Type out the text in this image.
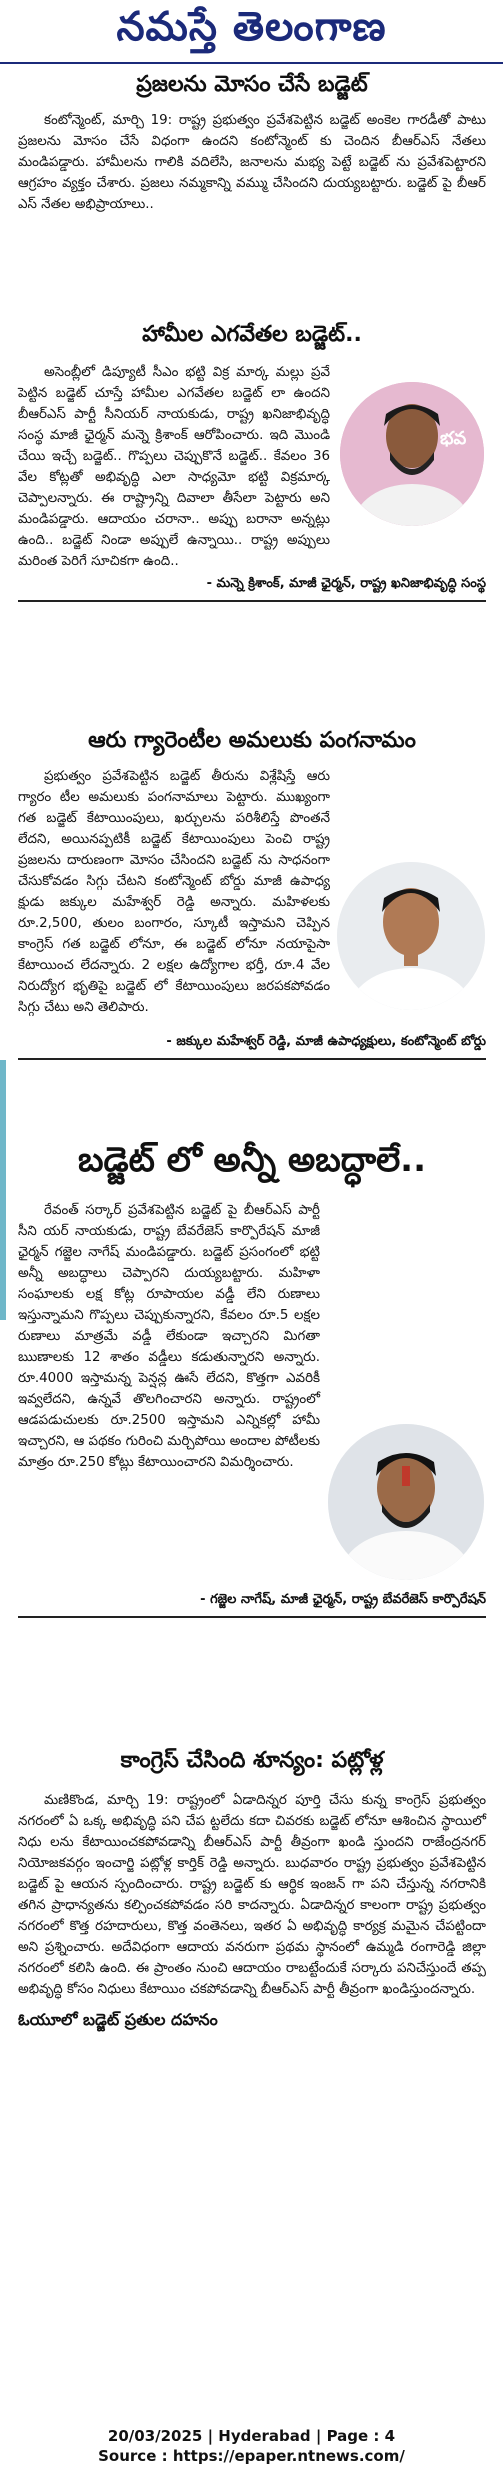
నమస్తే తెలంగాణ
ప్రజలను మోసం చేసే బడ్జెట్

కంటోన్మెంట్, మార్చి 19: రాష్ట్ర ప్రభుత్వం ప్రవేశపెట్టిన బడ్జెట్ అంకెల గారడీతో పాటు ప్రజలను మోసం చేసే విధంగా ఉందని కంటోన్మెంట్ కు చెందిన బీఆర్ఎస్ నేతలు మండిపడ్డారు. హామీలను గాలికి వదిలేసి, జనాలను మభ్య పెట్టే బడ్జెట్ ను ప్రవేశపెట్టారని ఆగ్రహం వ్యక్తం చేశారు. ప్రజలు నమ్మకాన్ని వమ్ము చేసిందని దుయ్యబట్టారు. బడ్జెట్ పై బీఆర్ ఎస్ నేతల అభిప్రాయాలు..

హామీల ఎగవేతల బడ్జెట్..

అసెంబ్లీలో డిప్యూటీ సీఎం భట్టి విక్ర మార్క మల్లు ప్రవే పెట్టిన బడ్జెట్ చూస్తే హామీల ఎగవేతల బడ్జెట్ లా ఉందని బీఆర్ఎస్ పార్టీ సీనియర్ నాయకుడు, రాష్ట్ర ఖనిజాభివృద్ధి సంస్థ మాజీ ఛైర్మన్ మన్నె క్రిశాంక్ ఆరోపించారు. ఇది మొండి చేయి ఇచ్చే బడ్జెట్.. గొప్పలు చెప్పుకొనే బడ్జెట్.. కేవలం 36 వేల కోట్లతో అభివృద్ధి ఎలా సాధ్యమో భట్టి విక్రమార్క చెప్పాలన్నారు. ఈ రాష్ట్రాన్ని దివాలా తీసేలా పెట్టారు అని మండిపడ్డారు. ఆదాయం చరానా.. అప్పు బరానా అన్నట్లు ఉంది.. బడ్జెట్ నిండా అప్పులే ఉన్నాయి.. రాష్ట్ర అప్పులు మరింత పెరిగే సూచికగా ఉంది..

భవ
- మన్నె క్రిశాంక్, మాజీ ఛైర్మన్, రాష్ట్ర ఖనిజాభివృద్ధి సంస్థ
ఆరు గ్యారెంటీల అమలుకు పంగనామం

ప్రభుత్వం ప్రవేశపెట్టిన బడ్జెట్ తీరును విశ్లేషిస్తే ఆరు గ్యారం టీల అమలుకు పంగనామాలు పెట్టారు. ముఖ్యంగా గత బడ్జెట్ కేటాయింపులు, ఖర్చులను పరిశీలిస్తే పొంతనే లేదని, అయినప్పటికీ బడ్జెట్ కేటాయింపులు పెంచి రాష్ట్ర ప్రజలను దారుణంగా మోసం చేసిందని బడ్జెట్ ను సాధనంగా చేసుకోవడం సిగ్గు చేటని కంటోన్మెంట్ బోర్డు మాజీ ఉపాధ్య క్షుడు జక్కుల మహేశ్వర్ రెడ్డి అన్నారు. మహిళలకు రూ.2,500, తులం బంగారం, స్కూటీ ఇస్తామని చెప్పిన కాంగ్రెస్ గత బడ్జెట్ లోనూ, ఈ బడ్జెట్ లోనూ నయాపైసా కేటాయించ లేదన్నారు. 2 లక్షల ఉద్యోగాల భర్తీ, రూ.4 వేల నిరుద్యోగ భృతిపై బడ్జెట్ లో కేటాయింపులు జరపకపోవడం సిగ్గు చేటు అని తెలిపారు.

- జక్కుల మహేశ్వర్ రెడ్డి, మాజీ ఉపాధ్యక్షులు, కంటోన్మెంట్ బోర్డు
బడ్జెట్ లో అన్నీ అబద్ధాలే..

రేవంత్ సర్కార్ ప్రవేశపెట్టిన బడ్జెట్ పై బీఆర్ఎస్ పార్టీ సీని యర్ నాయకుడు, రాష్ట్ర బేవరేజెస్ కార్పొరేషన్ మాజీ ఛైర్మన్ గజ్జెల నాగేష్ మండిపడ్డారు. బడ్జెట్ ప్రసంగంలో భట్టి అన్నీ అబద్ధాలు చెప్పారని దుయ్యబట్టారు. మహిళా సంఘాలకు లక్ష కోట్ల రూపాయల వడ్డీ లేని రుణాలు ఇస్తున్నామని గొప్పలు చెప్పుకున్నారని, కేవలం రూ.5 లక్షల రుణాలు మాత్రమే వడ్డీ లేకుండా ఇచ్చారని మిగతా ఋణాలకు 12 శాతం వడ్డీలు కడుతున్నారని అన్నారు. రూ.4000 ఇస్తామన్న పెన్షన్ల ఊసే లేదని, కొత్తగా ఎవరికీ ఇవ్వలేదని, ఉన్నవే తొలగించారని అన్నారు. రాష్ట్రంలో ఆడపడుచులకు రూ.2500 ఇస్తామని ఎన్నికల్లో హామీ ఇచ్చారని, ఆ పథకం గురించి మర్చిపోయి అందాల పోటీలకు మాత్రం రూ.250 కోట్లు కేటాయించారని విమర్శించారు.

- గజ్జెల నాగేష్, మాజీ ఛైర్మన్, రాష్ట్ర బేవరేజెస్ కార్పొరేషన్
కాంగ్రెస్ చేసింది శూన్యం: పట్లోళ్ల

మణికొండ, మార్చి 19: రాష్ట్రంలో ఏడాదిన్నర పూర్తి చేసు కున్న కాంగ్రెస్ ప్రభుత్వం నగరంలో ఏ ఒక్క అభివృద్ధి పని చేప ట్టలేదు కదా చివరకు బడ్జెట్ లోనూ ఆశించిన స్థాయిలో నిధు లను కేటాయించకపోవడాన్ని బీఆర్ఎస్ పార్టీ తీవ్రంగా ఖండి స్తుందని రాజేంద్రనగర్ నియోజకవర్గం ఇంచార్జి పట్లోళ్ల కార్తిక్ రెడ్డి అన్నారు. బుధవారం రాష్ట్ర ప్రభుత్వం ప్రవేశపెట్టిన బడ్జెట్ పై ఆయన స్పందించారు. రాష్ట్ర బడ్జెట్ కు ఆర్థిక ఇంజన్ గా పని చేస్తున్న నగరానికి తగిన ప్రాధాన్యతను కల్పించకపోవడం సరి కాదన్నారు. ఏడాదిన్నర కాలంగా రాష్ట్ర ప్రభుత్వం నగరంలో కొత్త రహదారులు, కొత్త వంతెనలు, ఇతర ఏ అభివృద్ధి కార్యక్ర మమైన చేపట్టిందా అని ప్రశ్నించారు. అదేవిధంగా ఆదాయ వనరుగా ప్రథమ స్థానంలో ఉమ్మడి రంగారెడ్డి జిల్లా నగరంలో కలిసి ఉంది. ఈ ప్రాంతం నుంచి ఆదాయం రాబట్టేందుకే సర్కారు పనిచేస్తుందే తప్ప అభివృద్ధి కోసం నిధులు కేటాయిం చకపోవడాన్ని బీఆర్ఎస్ పార్టీ తీవ్రంగా ఖండిస్తుందన్నారు.

ఓయూలో బడ్జెట్ ప్రతుల దహనం
20/03/2025 | Hyderabad | Page : 4
Source : https://epaper.ntnews.com/
